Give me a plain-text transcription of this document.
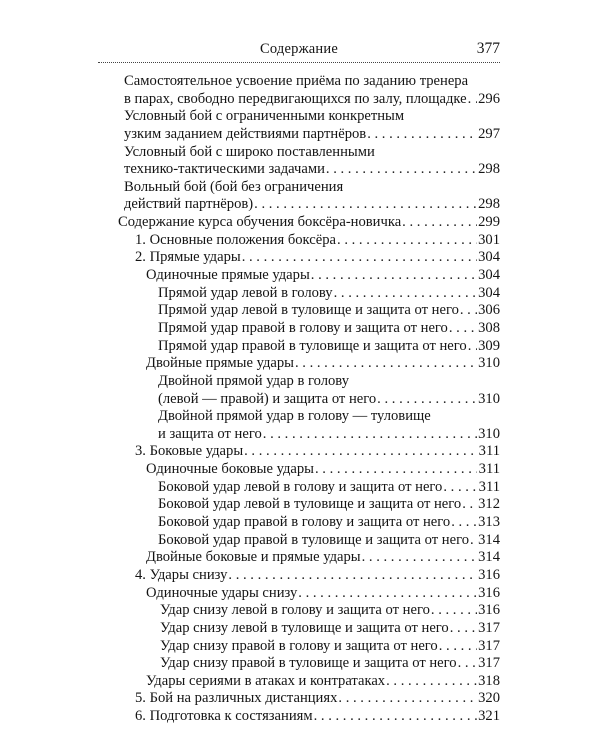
Содержание	377
Самостоятельное усвоение приёма по заданию тренера
в парах, свободно передвигающихся по залу, площадке . . . 296
Условный бой с ограниченными конкретным
узким заданием действиями партнёров . . .	297
Условный бой с широко поставленными
технико-тактическими задачами . . .	298
Вольный бой (бой без ограничения
действий партнёров) . . .	298
Содержание курса обучения боксёра-новичка . . .	299
1. Основные положения боксёра . . .	301
2. Прямые удары . . .	304
Одиночные прямые удары . . .	304
Прямой удар левой в голову . . .	304
Прямой удар левой в туловище и защита от него . . . 306
Прямой удар правой в голову и защита от него . . . 308
Прямой удар правой в туловище и защита от него . . . 309
Двойные прямые удары . . .	310
Двойной прямой удар в голову
(левой — правой) и защита от него . . .	310
Двойной прямой удар в голову — туловище
и защита от него . . .	310
3. Боковые удары . . .	311
Одиночные боковые удары . . .	311
Боковой удар левой в голову и защита от него . . . 311
Боковой удар левой в туловище и защита от него . . . 312
Боковой удар правой в голову и защита от него . . . 313
Боковой удар правой в туловище и защита от него . . . 314
Двойные боковые и прямые удары . . .	314
4. Удары снизу . . .	316
Одиночные удары снизу . . .	316
Удар снизу левой в голову и защита от него . . .	316
Удар снизу левой в туловище и защита от него . . . 317
Удар снизу правой в голову и защита от него . . .	317
Удар снизу правой в туловище и защита от него . . . 317
Удары сериями в атаках и контратаках . . .	318
5. Бой на различных дистанциях . . .	320
6. Подготовка к состязаниям . . .	321
